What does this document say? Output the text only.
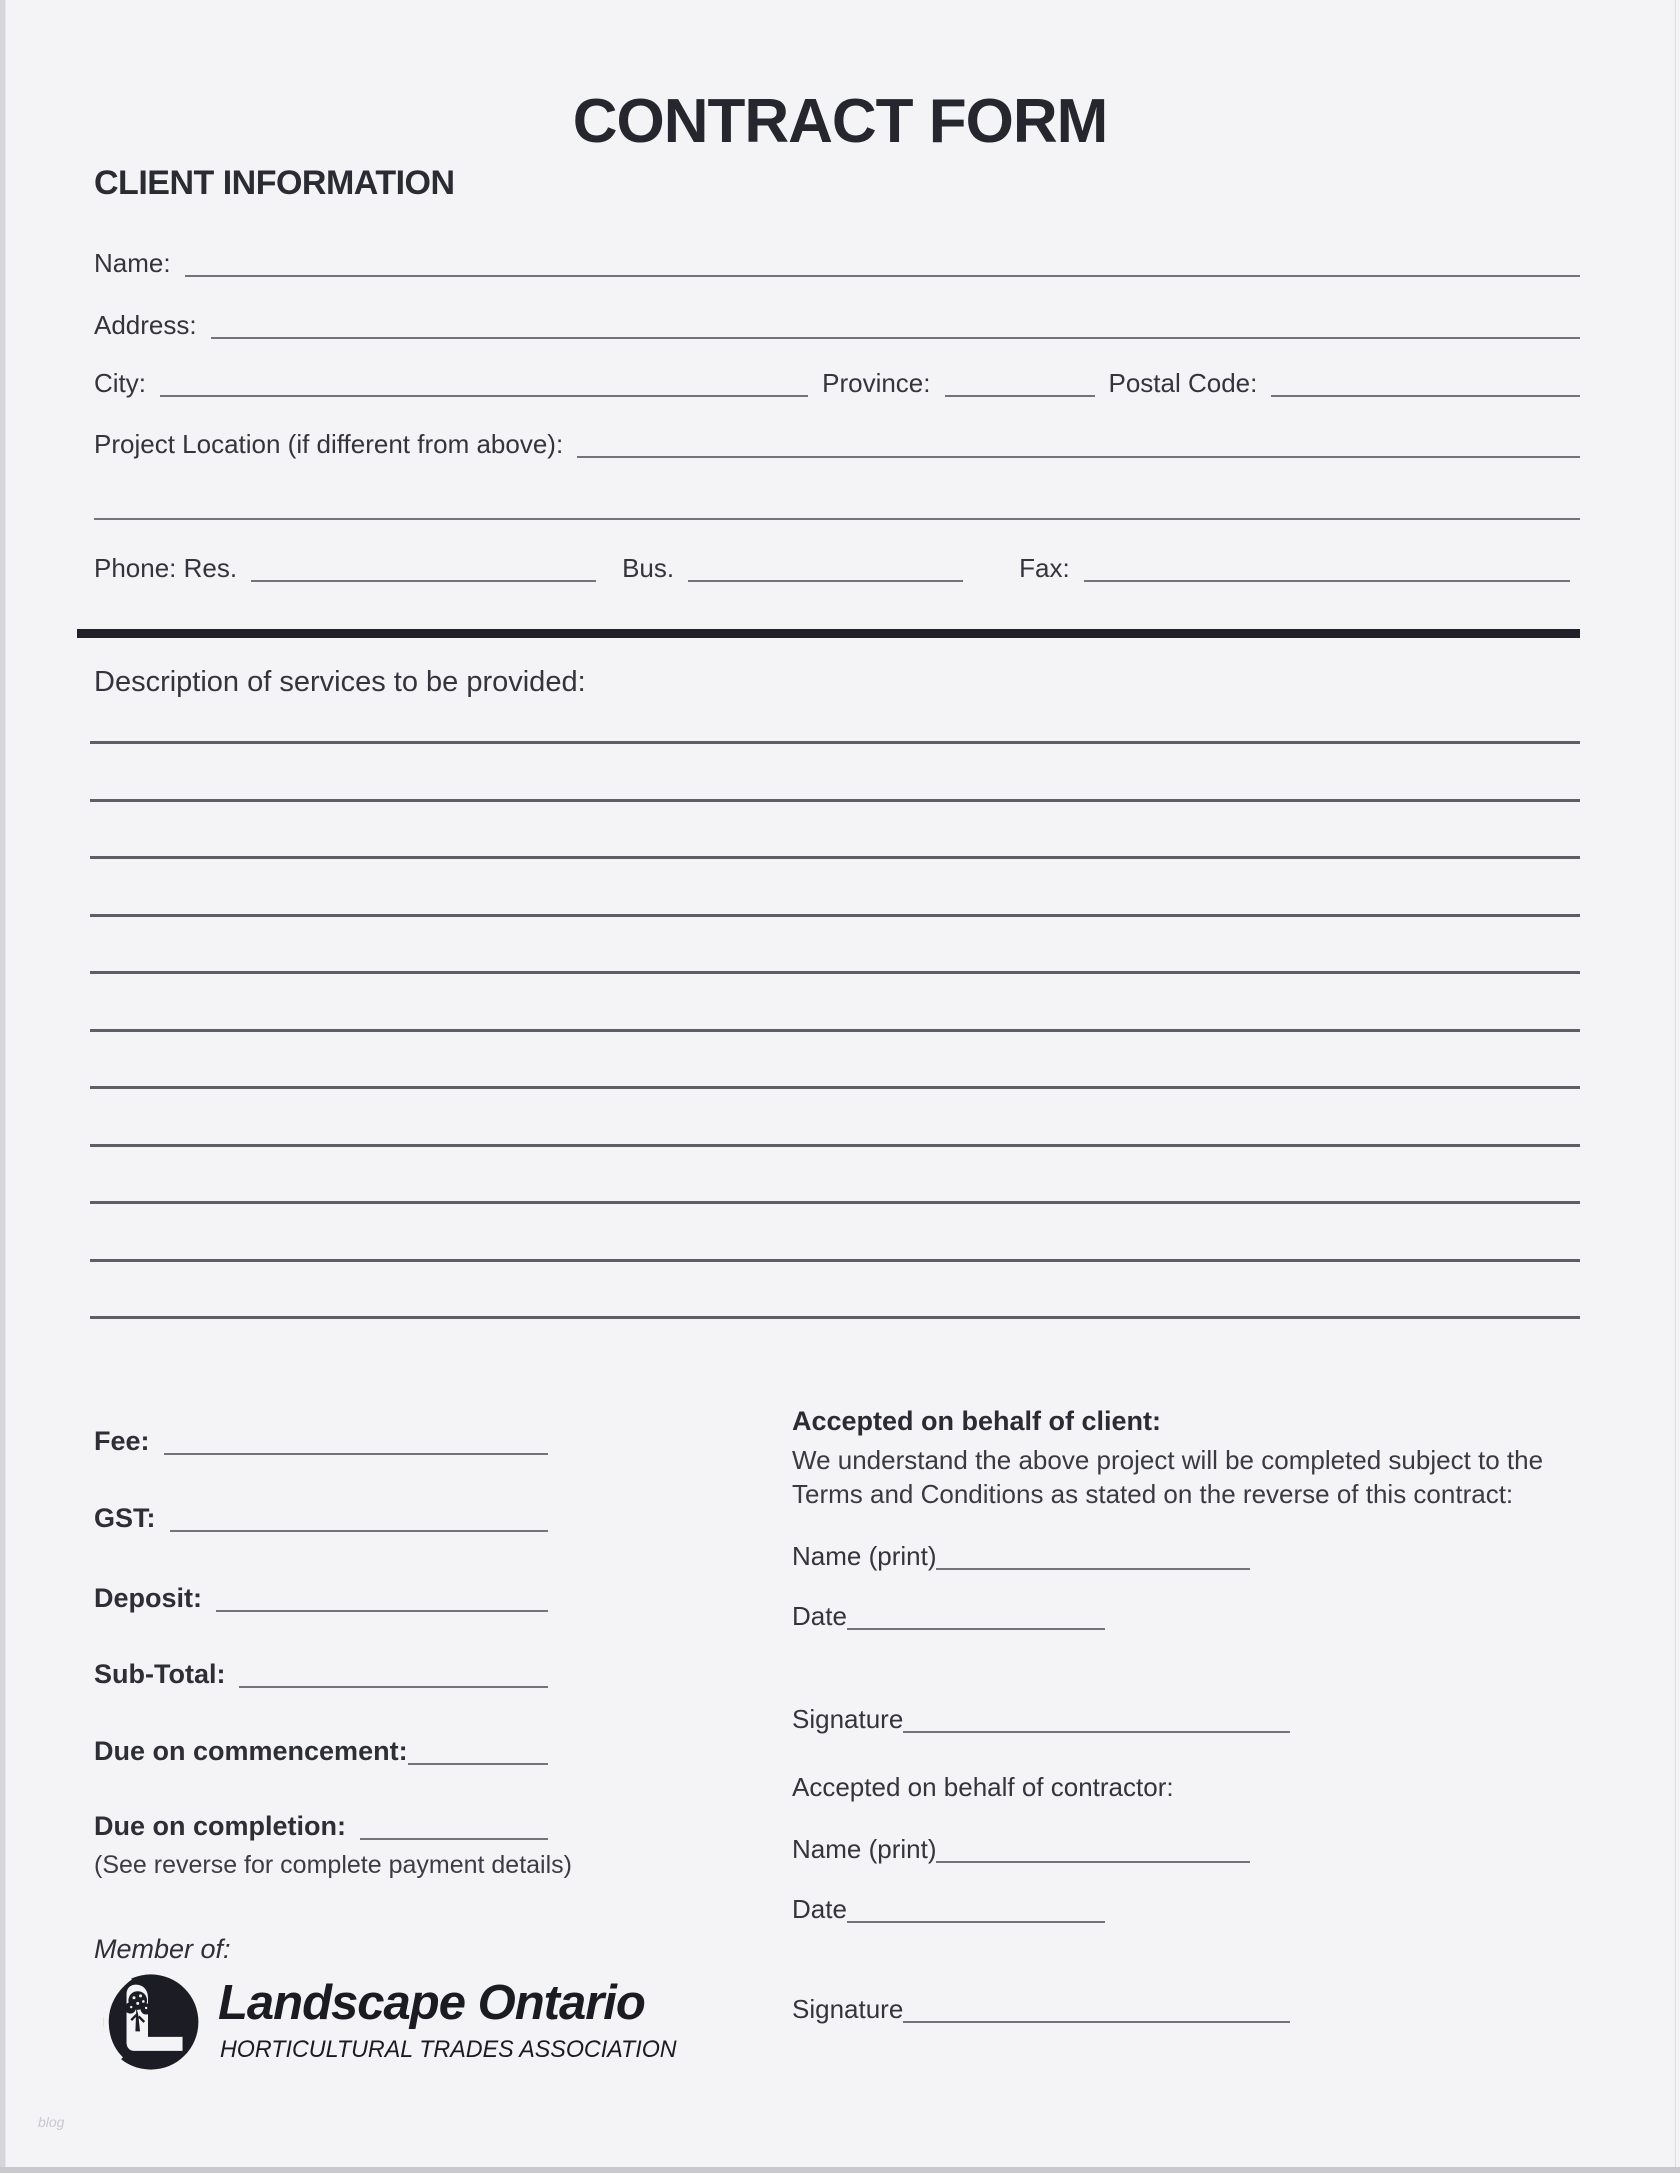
CONTRACT FORM
CLIENT INFORMATION
Name:
Address:
City:	Province:	Postal Code:
Project Location (if different from above):
Phone: Res.	Bus.	Fax:
Description of services to be provided:
Fee:
GST:
Deposit:
Sub-Total:
Due on commencement:
Due on completion:
(See reverse for complete payment details)
Accepted on behalf of client:
We understand the above project will be completed subject to the
Terms and Conditions as stated on the reverse of this contract:
Name (print)
Date
Signature
Accepted on behalf of contractor:
Name (print)
Date
Signature
Member of:
Landscape Ontario
HORTICULTURAL TRADES ASSOCIATION
blog
